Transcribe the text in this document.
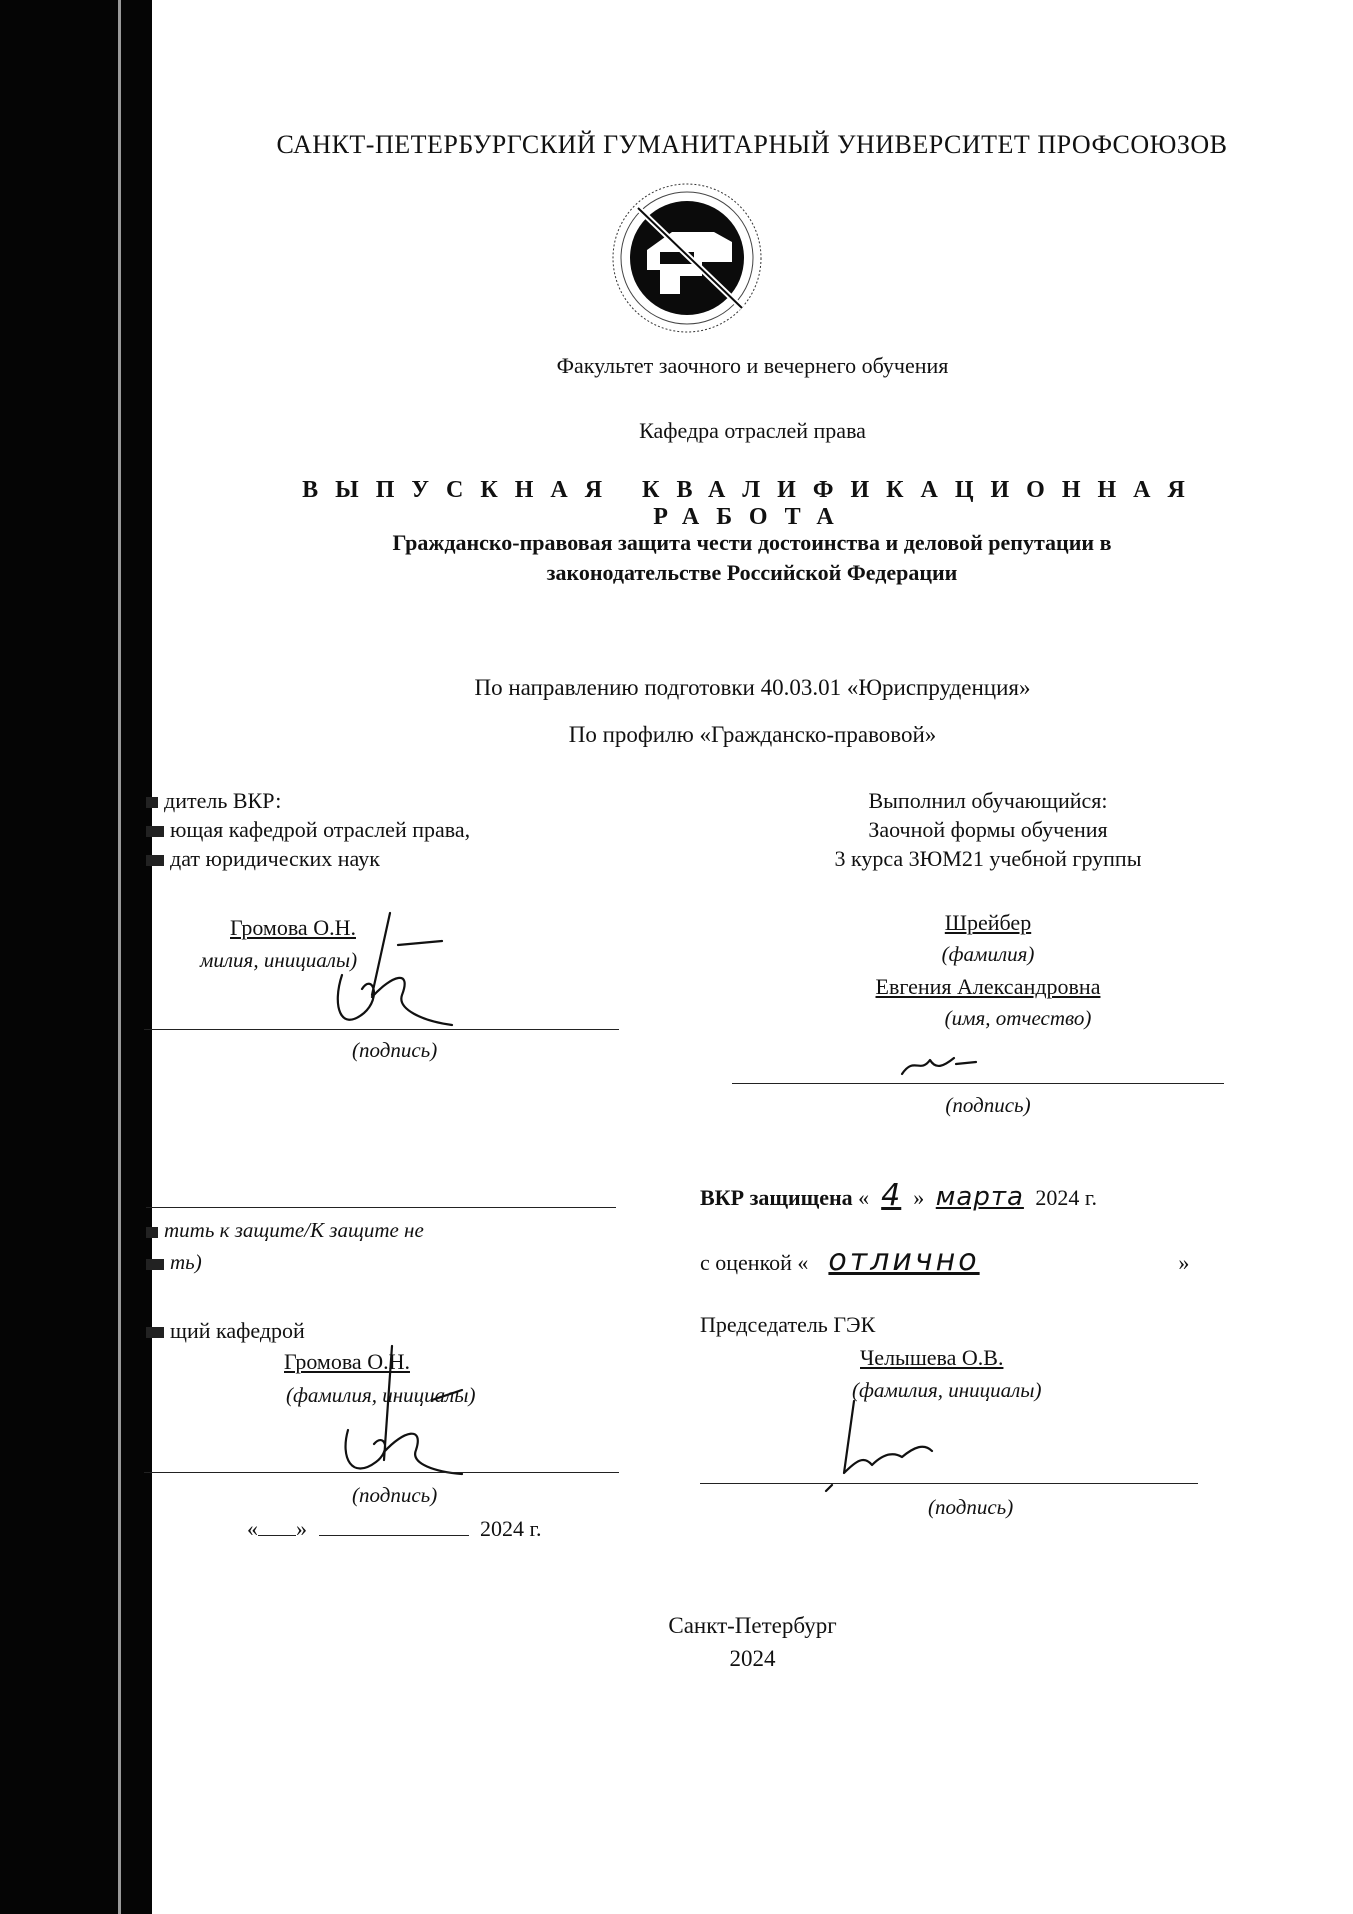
САНКТ-ПЕТЕРБУРГСКИЙ ГУМАНИТАРНЫЙ УНИВЕРСИТЕТ ПРОФСОЮЗОВ
Факультет заочного и вечернего обучения
Кафедра отраслей права
ВЫПУСКНАЯ КВАЛИФИКАЦИОННАЯ РАБОТА
Гражданско-правовая защита чести достоинства и деловой репутации в
законодательстве Российской Федерации
По направлению подготовки 40.03.01 «Юриспруденция»
По профилю «Гражданско-правовой»
дитель ВКР:
ющая кафедрой отраслей права,
дат юридических наук
Громова О.Н.
милия, инициалы)
(подпись)
Выполнил обучающийся:
Заочной формы обучения
3 курса 3ЮМ21 учебной группы
Шрейбер
(фамилия)
Евгения Александровна
(имя, отчество)
(подпись)
ВКР защищена « 4 » марта 2024 г.
с оценкой « отлично	»
тить к защите/К защите не
ть)
щий кафедрой
Громова О.Н.
(фамилия, инициалы)
(подпись)
« »	2024 г.
Председатель ГЭК
Челышева О.В.
(фамилия, инициалы)
(подпись)
Санкт-Петербург
2024
